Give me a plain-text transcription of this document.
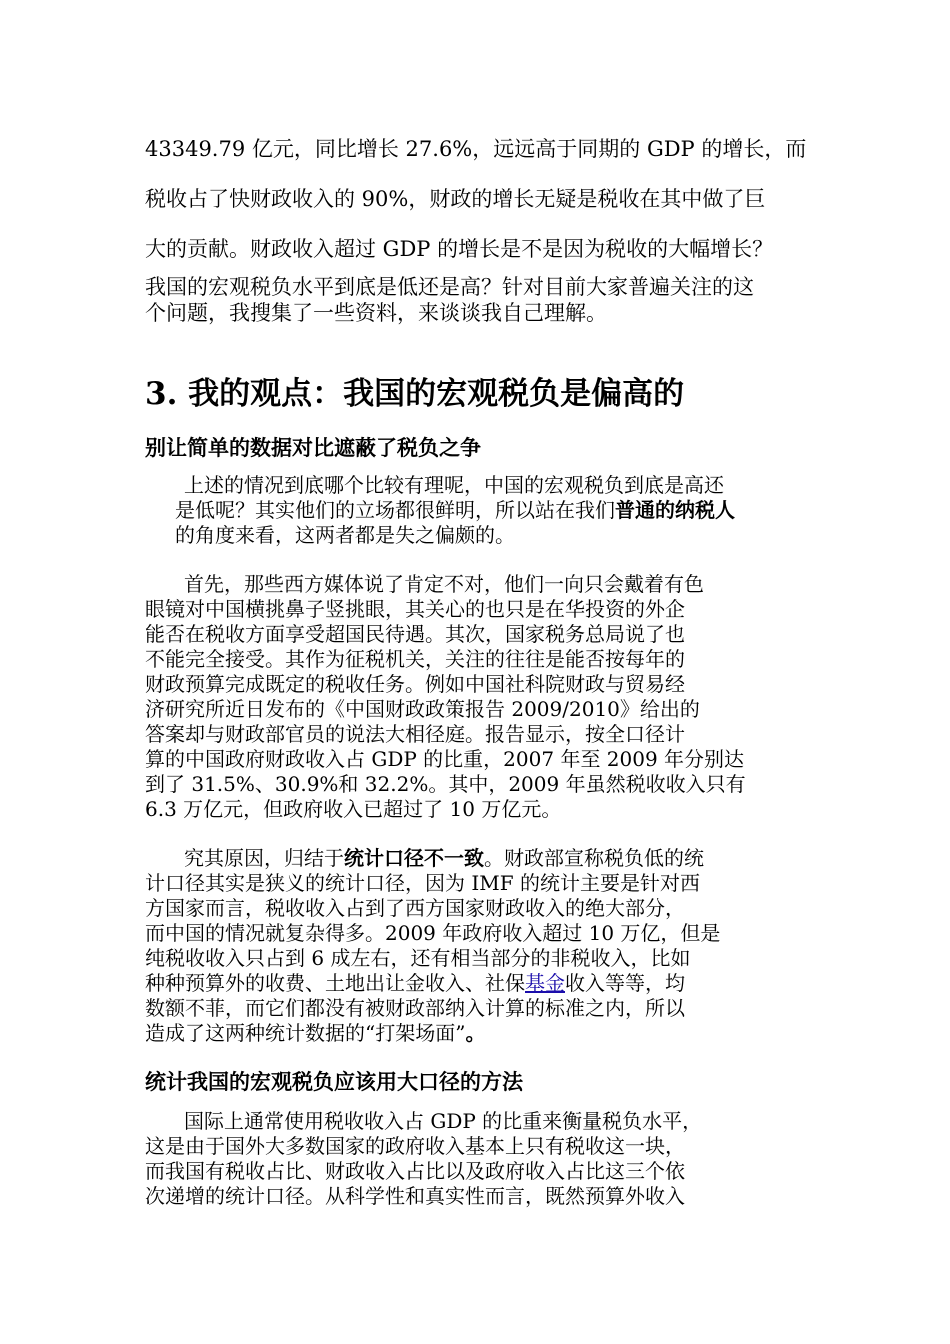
43349.79 亿元，同比增长 27.6%，远远高于同期的 GDP 的增长，而
税收占了快财政收入的 90%，财政的增长无疑是税收在其中做了巨
大的贡献。财政收入超过 GDP 的增长是不是因为税收的大幅增长？
我国的宏观税负水平到底是低还是高？针对目前大家普遍关注的这
个问题，我搜集了一些资料，来谈谈我自己理解。
3. 我的观点：我国的宏观税负是偏高的
别让简单的数据对比遮蔽了税负之争
上述的情况到底哪个比较有理呢，中国的宏观税负到底是高还
是低呢？其实他们的立场都很鲜明，所以站在我们普通的纳税人
的角度来看，这两者都是失之偏颇的。
首先，那些西方媒体说了肯定不对，他们一向只会戴着有色
眼镜对中国横挑鼻子竖挑眼，其关心的也只是在华投资的外企
能否在税收方面享受超国民待遇。其次，国家税务总局说了也
不能完全接受。其作为征税机关，关注的往往是能否按每年的
财政预算完成既定的税收任务。例如中国社科院财政与贸易经
济研究所近日发布的《中国财政政策报告 2009/2010》给出的
答案却与财政部官员的说法大相径庭。报告显示，按全口径计
算的中国政府财政收入占 GDP 的比重，2007 年至 2009 年分别达
到了 31.5%、30.9%和 32.2%。其中，2009 年虽然税收收入只有
6.3 万亿元，但政府收入已超过了 10 万亿元。
究其原因，归结于统计口径不一致。财政部宣称税负低的统
计口径其实是狭义的统计口径，因为 IMF 的统计主要是针对西
方国家而言，税收收入占到了西方国家财政收入的绝大部分，
而中国的情况就复杂得多。2009 年政府收入超过 10 万亿，但是
纯税收收入只占到 6 成左右，还有相当部分的非税收入，比如
种种预算外的收费、土地出让金收入、社保基金收入等等，均
数额不菲，而它们都没有被财政部纳入计算的标准之内，所以
造成了这两种统计数据的“打架场面”。
统计我国的宏观税负应该用大口径的方法
国际上通常使用税收收入占 GDP 的比重来衡量税负水平，
这是由于国外大多数国家的政府收入基本上只有税收这一块，
而我国有税收占比、财政收入占比以及政府收入占比这三个依
次递增的统计口径。从科学性和真实性而言，既然预算外收入
